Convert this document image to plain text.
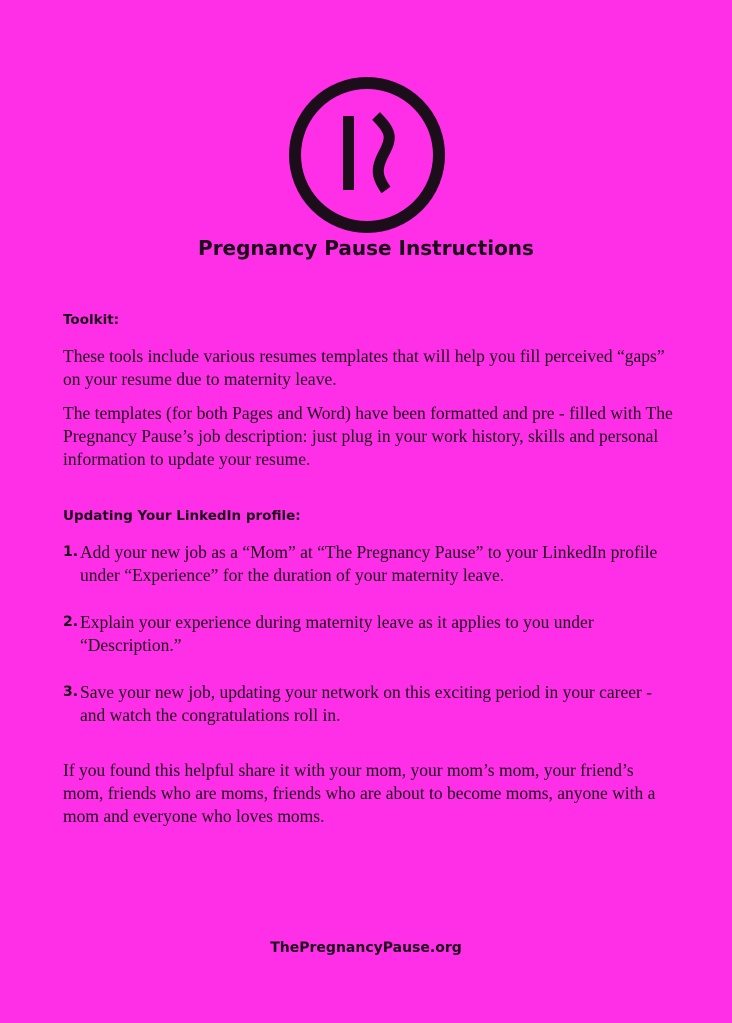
Pregnancy Pause Instructions

Toolkit:

These tools include various resumes templates that will help you fill perceived “gaps” on your resume due to maternity leave.

The templates (for both Pages and Word) have been formatted and pre - filled with The Pregnancy Pause’s job description: just plug in your work history, skills and personal information to update your resume.

Updating Your LinkedIn profile:

1. Add your new job as a “Mom” at “The Pregnancy Pause” to your LinkedIn profile under “Experience” for the duration of your maternity leave.
2. Explain your experience during maternity leave as it applies to you under “Description.”
3. Save your new job, updating your network on this exciting period in your career - and watch the congratulations roll in.

If you found this helpful share it with your mom, your mom’s mom, your friend’s mom, friends who are moms, friends who are about to become moms, anyone with a mom and everyone who loves moms.

ThePregnancyPause.org
